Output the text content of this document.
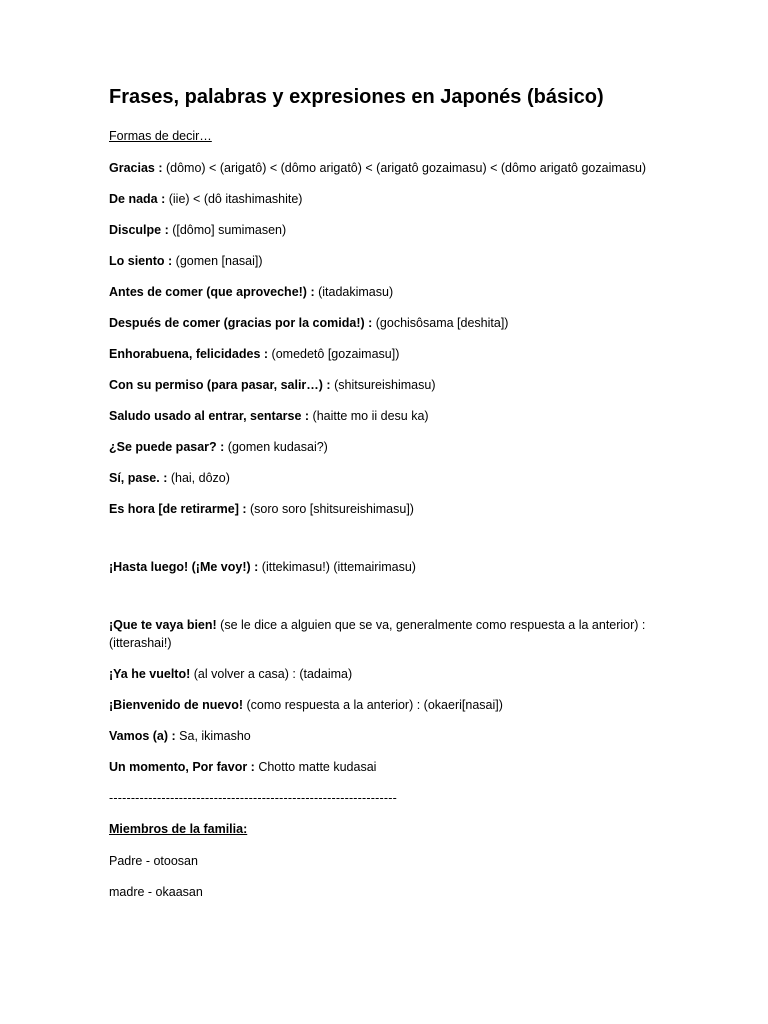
Frases, palabras y expresiones en Japonés (básico)
Formas de decir…
Gracias : (dômo) < (arigatô) < (dômo arigatô) < (arigatô gozaimasu) < (dômo arigatô gozaimasu)
De nada : (iie) < (dô itashimashite)
Disculpe : ([dômo] sumimasen)
Lo siento : (gomen [nasai])
Antes de comer (que aproveche!) : (itadakimasu)
Después de comer (gracias por la comida!) : (gochisôsama [deshita])
Enhorabuena, felicidades : (omedetô [gozaimasu])
Con su permiso (para pasar, salir…) : (shitsureishimasu)
Saludo usado al entrar, sentarse : (haitte mo ii desu ka)
¿Se puede pasar? : (gomen kudasai?)
Sí, pase. : (hai, dôzo)
Es hora [de retirarme] : (soro soro [shitsureishimasu])
¡Hasta luego! (¡Me voy!) : (ittekimasu!) (ittemairimasu)
¡Que te vaya bien! (se le dice a alguien que se va, generalmente como respuesta a la anterior) : (itterashai!)
¡Ya he vuelto! (al volver a casa) : (tadaima)
¡Bienvenido de nuevo! (como respuesta a la anterior) : (okaeri[nasai])
Vamos (a) : Sa, ikimasho
Un momento, Por favor : Chotto matte kudasai
------------------------------------------------------------------
Miembros de la familia:
Padre - otoosan
madre - okaasan
